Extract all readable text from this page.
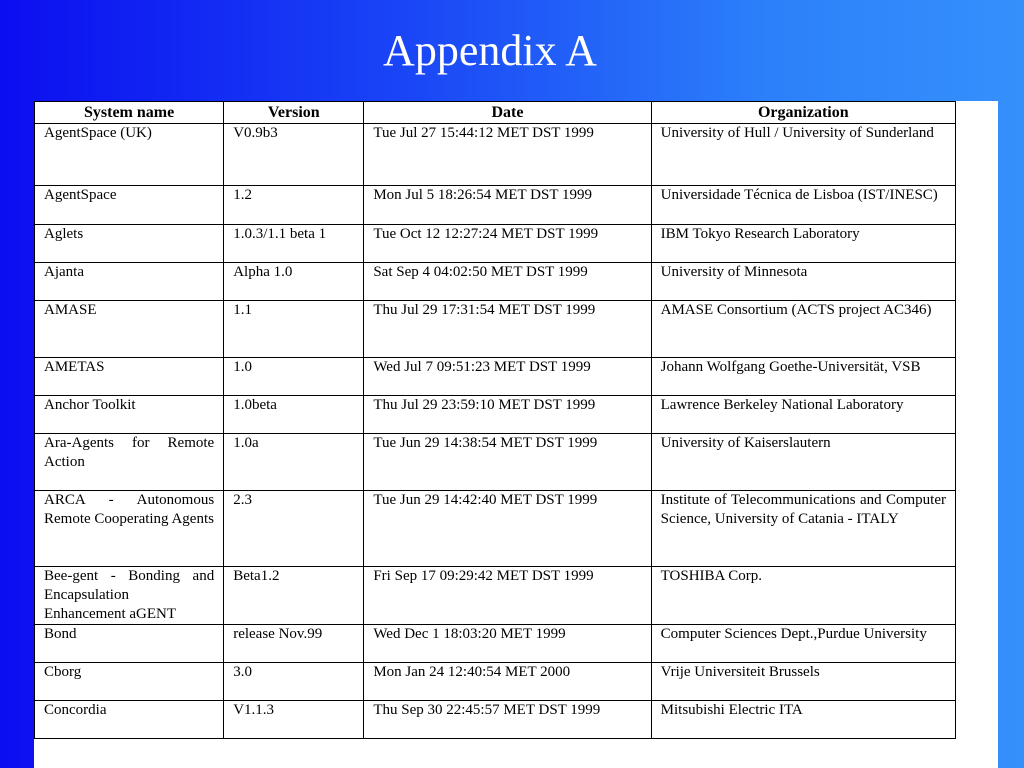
Appendix A
System name	Version	Date	Organization
AgentSpace (UK)	V0.9b3	Tue Jul 27 15:44:12 MET DST 1999	University of Hull / University of Sunderland
AgentSpace	1.2	Mon Jul 5 18:26:54 MET DST 1999	Universidade Técnica de Lisboa (IST/INESC)
Aglets	1.0.3/1.1 beta 1	Tue Oct 12 12:27:24 MET DST 1999	IBM Tokyo Research Laboratory
Ajanta	Alpha 1.0	Sat Sep 4 04:02:50 MET DST 1999	University of Minnesota
AMASE	1.1	Thu Jul 29 17:31:54 MET DST 1999	AMASE Consortium (ACTS project AC346)
AMETAS	1.0	Wed Jul 7 09:51:23 MET DST 1999	Johann Wolfgang Goethe-Universität, VSB
Anchor Toolkit	1.0beta	Thu Jul 29 23:59:10 MET DST 1999	Lawrence Berkeley National Laboratory
Ara-Agents for Remote Action	1.0a	Tue Jun 29 14:38:54 MET DST 1999	University of Kaiserslautern
ARCA - Autonomous Remote Cooperating Agents	2.3	Tue Jun 29 14:42:40 MET DST 1999	Institute of Telecommunications and Computer Science, University of Catania - ITALY
Bee-gent - Bonding and Encapsulation Enhancement aGENT	Beta1.2	Fri Sep 17 09:29:42 MET DST 1999	TOSHIBA Corp.
Bond	release Nov.99	Wed Dec 1 18:03:20 MET 1999	Computer Sciences Dept.,Purdue University
Cborg	3.0	Mon Jan 24 12:40:54 MET 2000	Vrije Universiteit Brussels
Concordia	V1.1.3	Thu Sep 30 22:45:57 MET DST 1999	Mitsubishi Electric ITA
